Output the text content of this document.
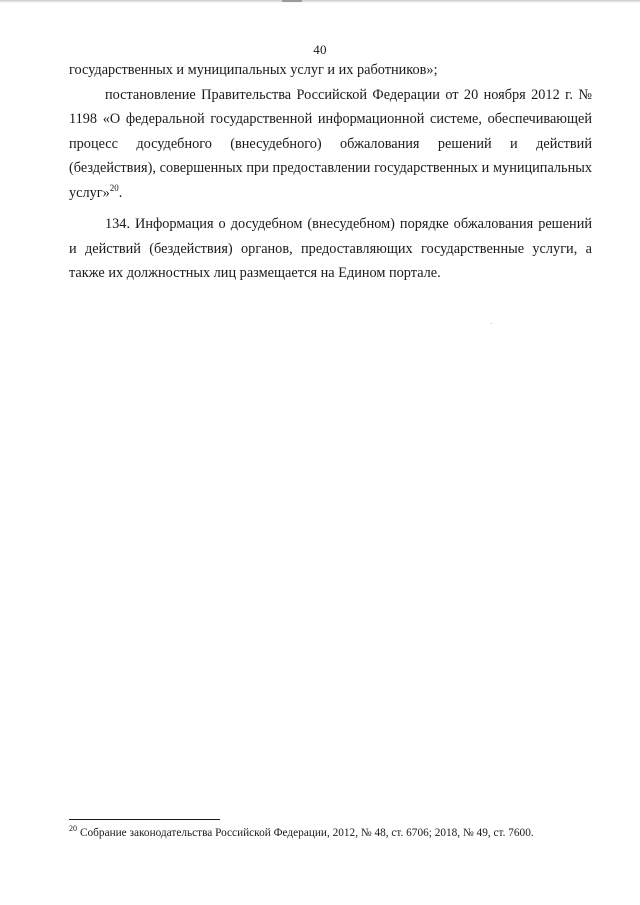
40

государственных и муниципальных услуг и их работников»;

постановление Правительства Российской Федерации от 20 ноября 2012 г. № 1198 «О федеральной государственной информационной системе, обеспечивающей процесс досудебного (внесудебного) обжалования решений и действий (бездействия), совершенных при предоставлении государственных и муниципальных услуг»$^{20}$.

134. Информация о досудебном (внесудебном) порядке обжалования решений и действий (бездействия) органов, предоставляющих государственные услуги, а также их должностных лиц размещается на Едином портале.

$^{20}$ Собрание законодательства Российской Федерации, 2012, № 48, ст. 6706; 2018, № 49, ст. 7600.
